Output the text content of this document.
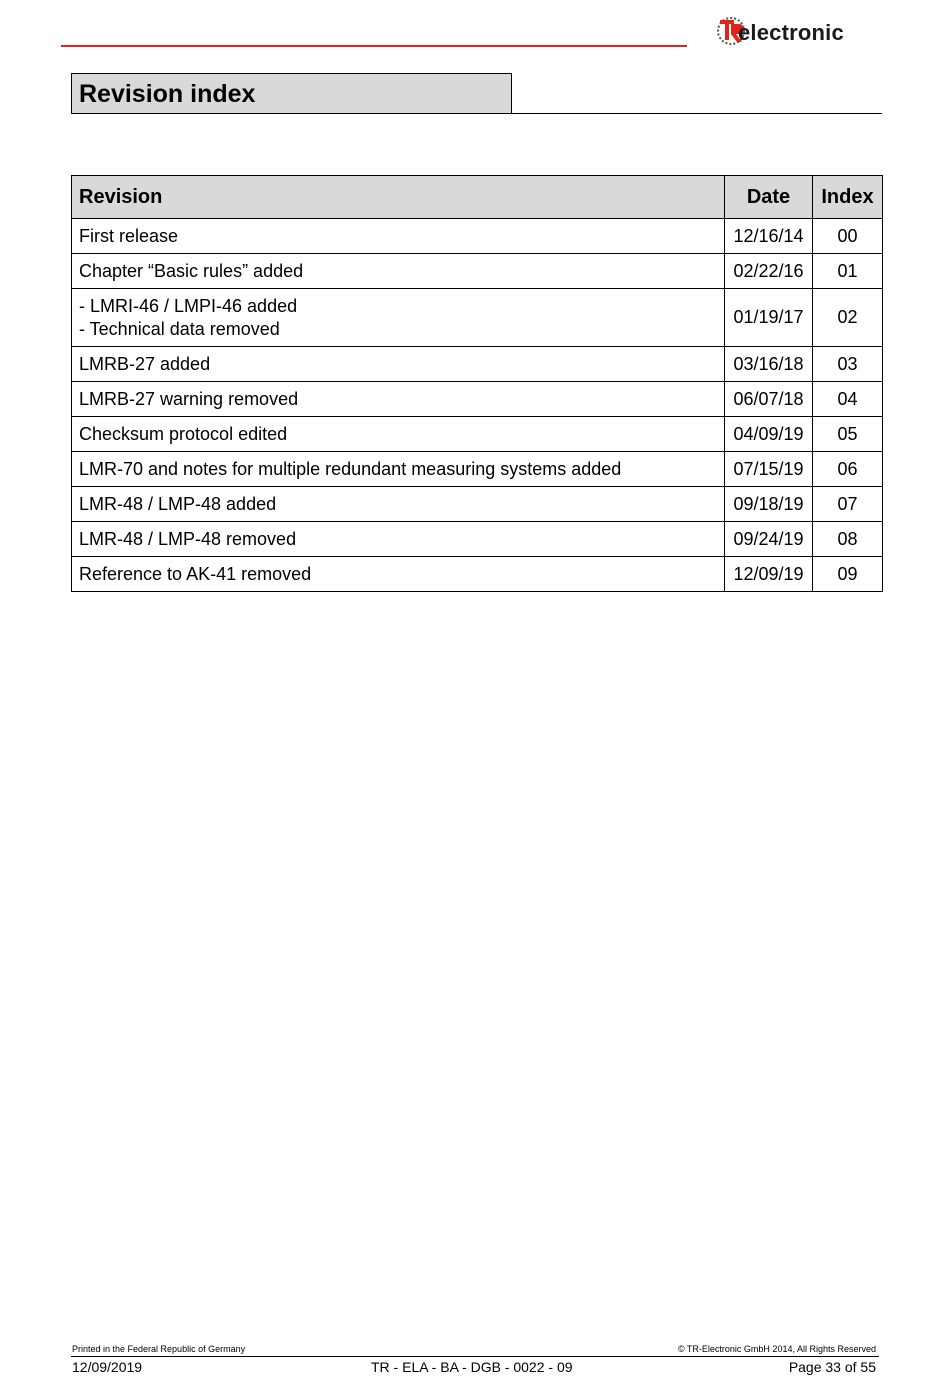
electronic
Revision index
Revision	Date	Index

First release	12/16/14	00

Chapter “Basic rules” added	02/22/16	01

- LMRI-46 / LMPI-46 added
- Technical data removed	01/19/17	02

LMRB-27 added	03/16/18	03

LMRB-27 warning removed	06/07/18	04

Checksum protocol edited	04/09/19	05

LMR-70 and notes for multiple redundant measuring systems added	07/15/19	06

LMR-48 / LMP-48 added	09/18/19	07

LMR-48 / LMP-48 removed	09/24/19	08

Reference to AK-41 removed	12/09/19	09
Printed in the Federal Republic of Germany	© TR-Electronic GmbH 2014, All Rights Reserved
12/09/2019	TR - ELA - BA - DGB - 0022 - 09	Page 33 of 55
